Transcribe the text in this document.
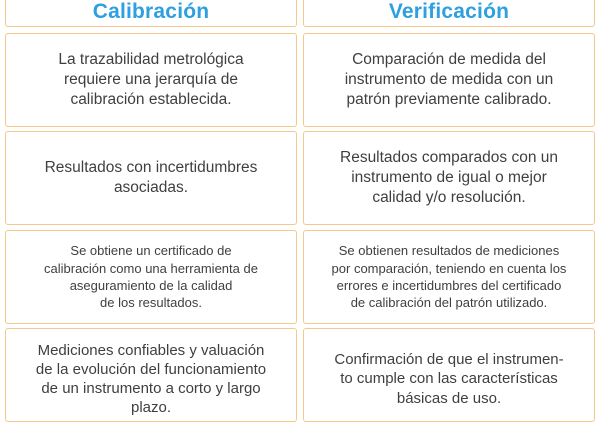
Calibración
La trazabilidad metrológica
requiere una jerarquía de
calibración establecida.
Resultados con incertidumbres
asociadas.
Se obtiene un certificado de
calibración como una herramienta de
aseguramiento de la calidad
de los resultados.
Mediciones confiables y valuación
de la evolución del funcionamiento
de un instrumento a corto y largo
plazo.
Verificación
Comparación de medida del
instrumento de medida con un
patrón previamente calibrado.
Resultados comparados con un
instrumento de igual o mejor
calidad y/o resolución.
Se obtienen resultados de mediciones
por comparación, teniendo en cuenta los
errores e incertidumbres del certificado
de calibración del patrón utilizado.
Confirmación de que el instrumen-
to cumple con las características
básicas de uso.
